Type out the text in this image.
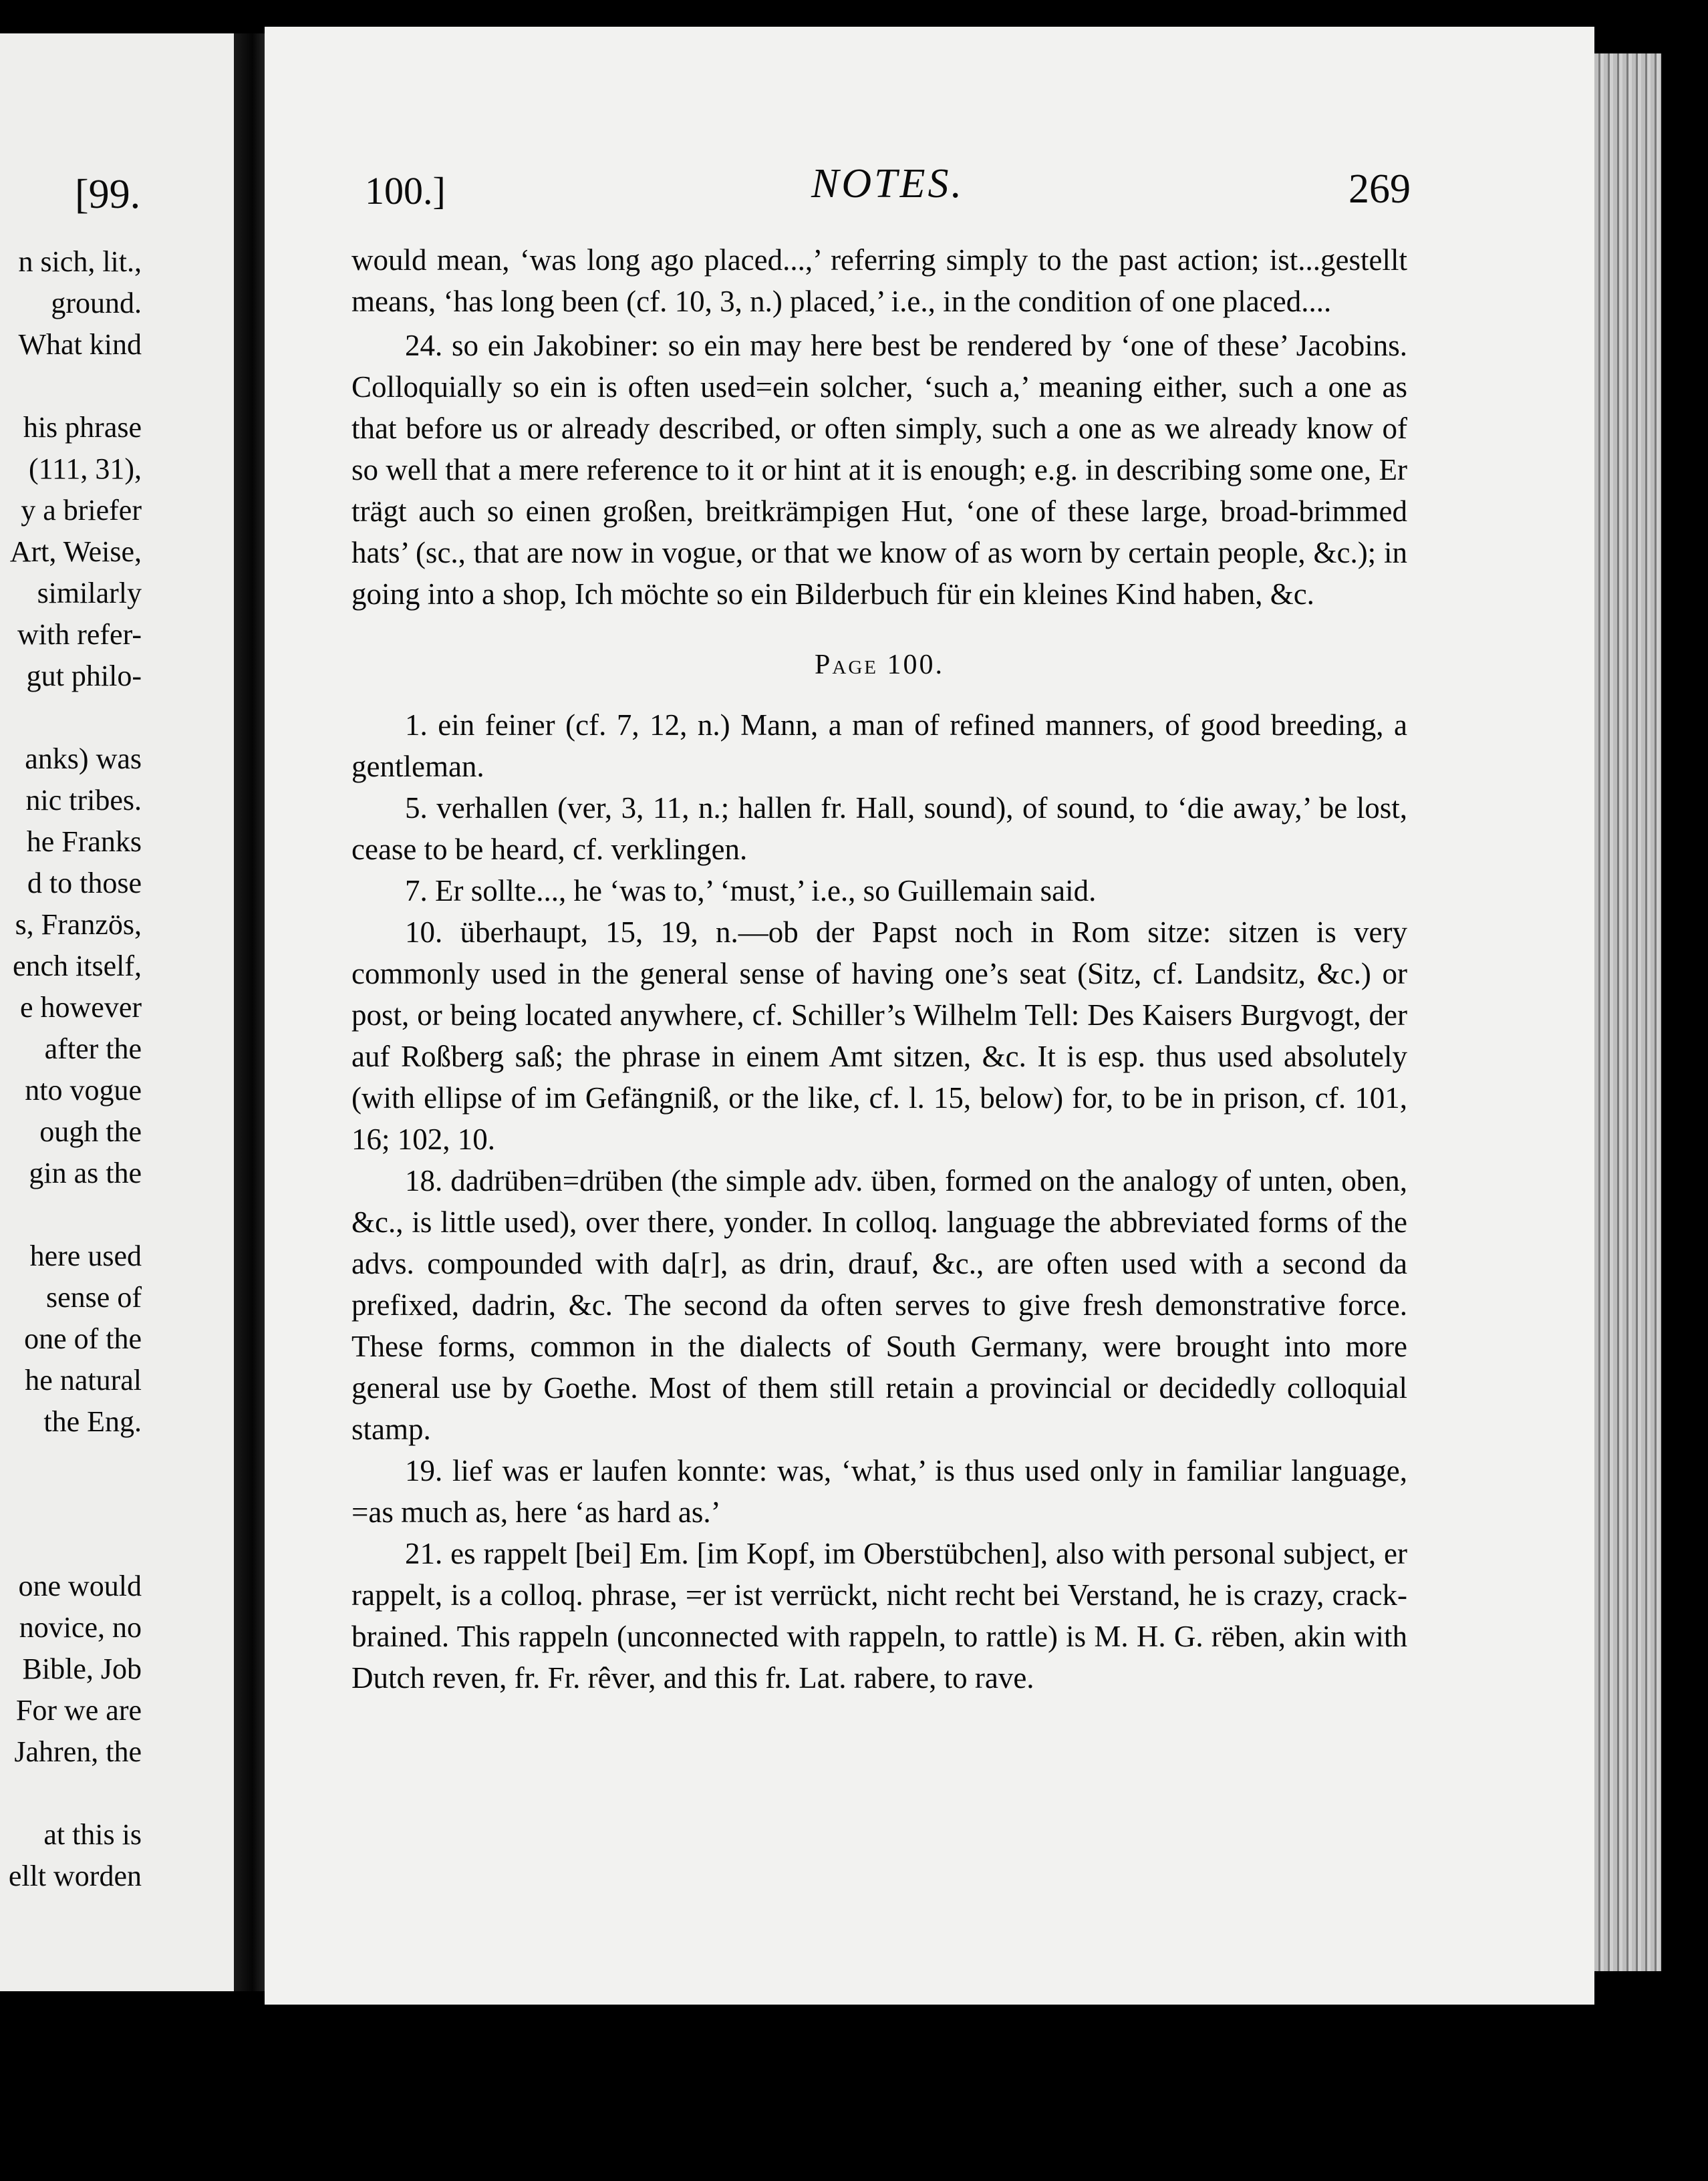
[99.
n sich, lit.,
ground.
What kind
his phrase
(111, 31),
y a briefer
Art, Weise,
similarly
with refer-
gut philo-
anks) was
nic tribes.
he Franks
d to those
s, Französ,
ench itself,
e however
after the
nto vogue
ough the
gin as the
here used
sense of
one of the
he natural
the Eng.
one would
novice, no
Bible, Job
For we are
Jahren, the
at this is
ellt worden
100.]	NOTES.	269

would mean, ‘was long ago placed...,’ referring simply to the past action; ist...gestellt means, ‘has long been (cf. 10, 3, n.) placed,’ i.e., in the condition of one placed....

24. so ein Jakobiner: so ein may here best be rendered by ‘one of these’ Jacobins. Colloquially so ein is often used=ein solcher, ‘such a,’ meaning either, such a one as that before us or already described, or often simply, such a one as we already know of so well that a mere reference to it or hint at it is enough; e.g. in describing some one, Er trägt auch so einen großen, breitkrämpigen Hut, ‘one of these large, broad-brimmed hats’ (sc., that are now in vogue, or that we know of as worn by certain people, &c.); in going into a shop, Ich möchte so ein Bilderbuch für ein kleines Kind haben, &c.

Page 100.

1. ein feiner (cf. 7, 12, n.) Mann, a man of refined manners, of good breeding, a gentleman.

5. verhallen (ver, 3, 11, n.; hallen fr. Hall, sound), of sound, to ‘die away,’ be lost, cease to be heard, cf. verklingen.

7. Er sollte..., he ‘was to,’ ‘must,’ i.e., so Guillemain said.

10. überhaupt, 15, 19, n.—ob der Papst noch in Rom sitze: sitzen is very commonly used in the general sense of having one’s seat (Sitz, cf. Landsitz, &c.) or post, or being located anywhere, cf. Schiller’s Wilhelm Tell: Des Kaisers Burgvogt, der auf Roßberg saß; the phrase in einem Amt sitzen, &c. It is esp. thus used absolutely (with ellipse of im Gefängniß, or the like, cf. l. 15, below) for, to be in prison, cf. 101, 16; 102, 10.

18. dadrüben=drüben (the simple adv. üben, formed on the analogy of unten, oben, &c., is little used), over there, yonder. In colloq. language the abbreviated forms of the advs. compounded with da[r], as drin, drauf, &c., are often used with a second da prefixed, dadrin, &c. The second da often serves to give fresh demonstrative force. These forms, common in the dialects of South Germany, were brought into more general use by Goethe. Most of them still retain a provincial or decidedly colloquial stamp.

19. lief was er laufen konnte: was, ‘what,’ is thus used only in familiar language, =as much as, here ‘as hard as.’

21. es rappelt [bei] Em. [im Kopf, im Oberstübchen], also with personal subject, er rappelt, is a colloq. phrase, =er ist verrückt, nicht recht bei Verstand, he is crazy, crack-brained. This rappeln (unconnected with rappeln, to rattle) is M. H. G. rëben, akin with Dutch reven, fr. Fr. rêver, and this fr. Lat. rabere, to rave.
